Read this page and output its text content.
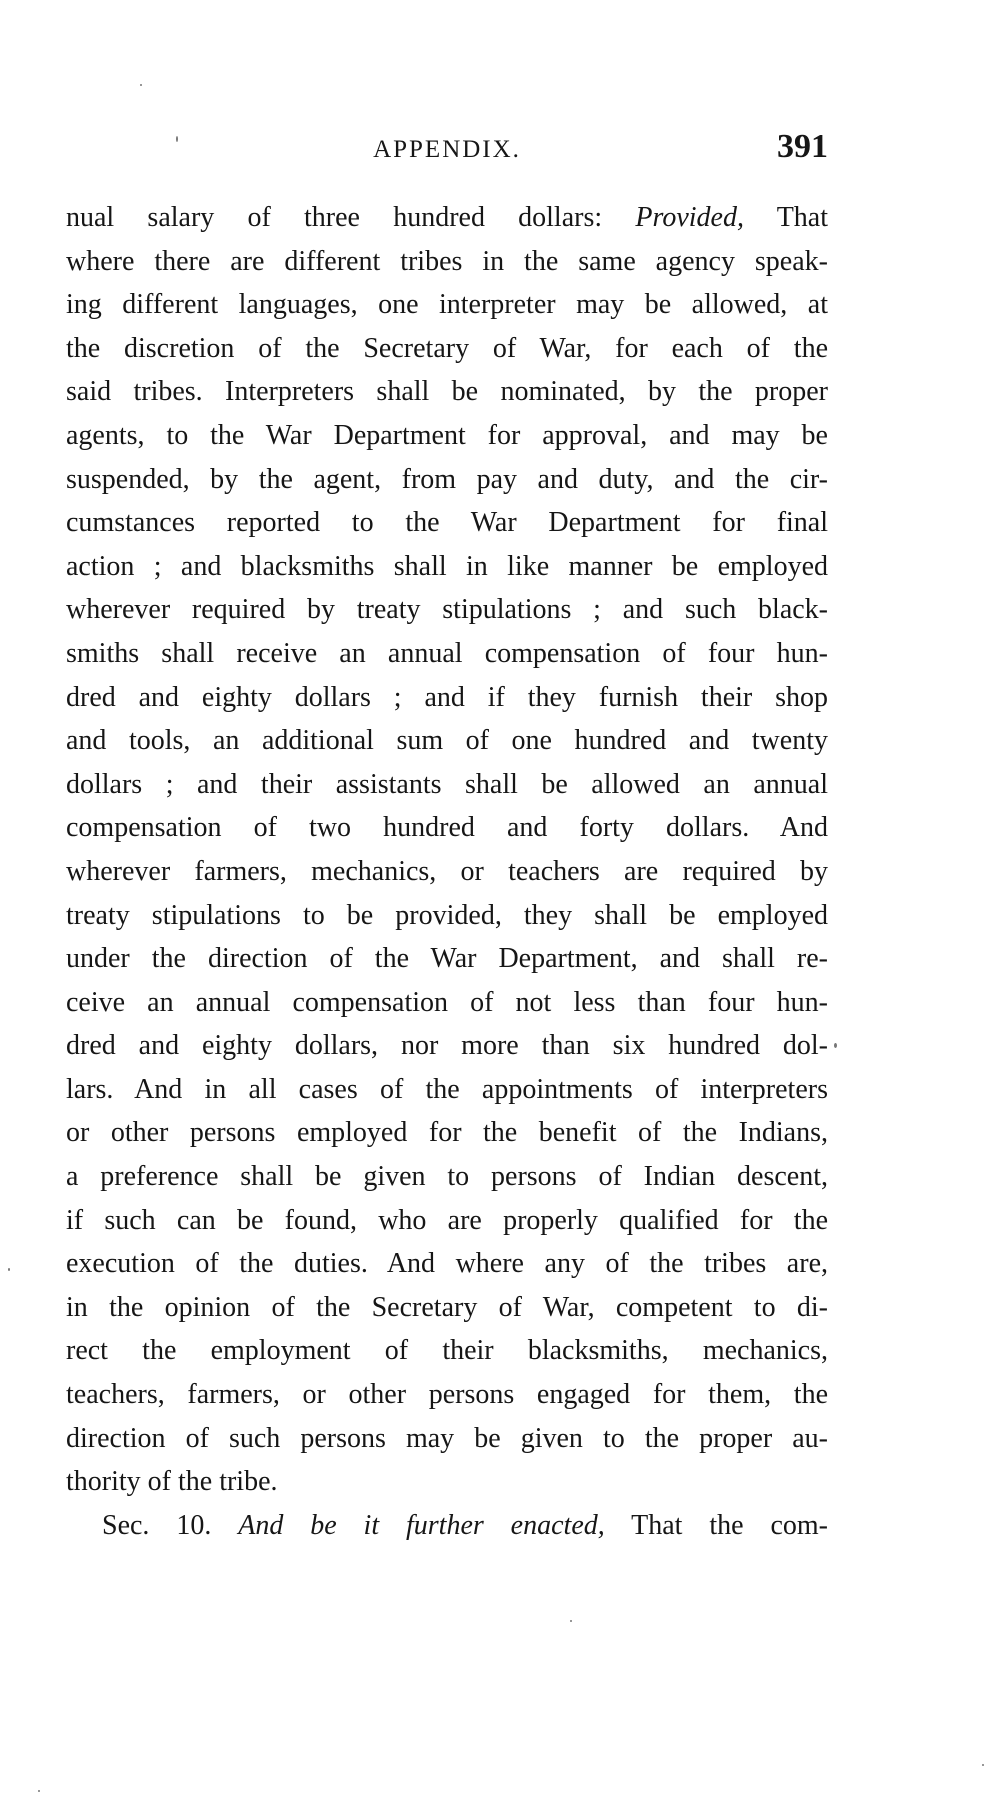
APPENDIX.	391
nual salary of three hundred dollars: Provided, That
where there are different tribes in the same agency speak-
ing different languages, one interpreter may be allowed, at
the discretion of the Secretary of War, for each of the
said tribes. Interpreters shall be nominated, by the proper
agents, to the War Department for approval, and may be
suspended, by the agent, from pay and duty, and the cir-
cumstances reported to the War Department for final
action ; and blacksmiths shall in like manner be employed
wherever required by treaty stipulations ; and such black-
smiths shall receive an annual compensation of four hun-
dred and eighty dollars ; and if they furnish their shop
and tools, an additional sum of one hundred and twenty
dollars ; and their assistants shall be allowed an annual
compensation of two hundred and forty dollars. And
wherever farmers, mechanics, or teachers are required by
treaty stipulations to be provided, they shall be employed
under the direction of the War Department, and shall re-
ceive an annual compensation of not less than four hun-
dred and eighty dollars, nor more than six hundred dol-
lars. And in all cases of the appointments of interpreters
or other persons employed for the benefit of the Indians,
a preference shall be given to persons of Indian descent,
if such can be found, who are properly qualified for the
execution of the duties. And where any of the tribes are,
in the opinion of the Secretary of War, competent to di-
rect the employment of their blacksmiths, mechanics,
teachers, farmers, or other persons engaged for them, the
direction of such persons may be given to the proper au-
thority of the tribe.
Sec. 10. And be it further enacted, That the com-
